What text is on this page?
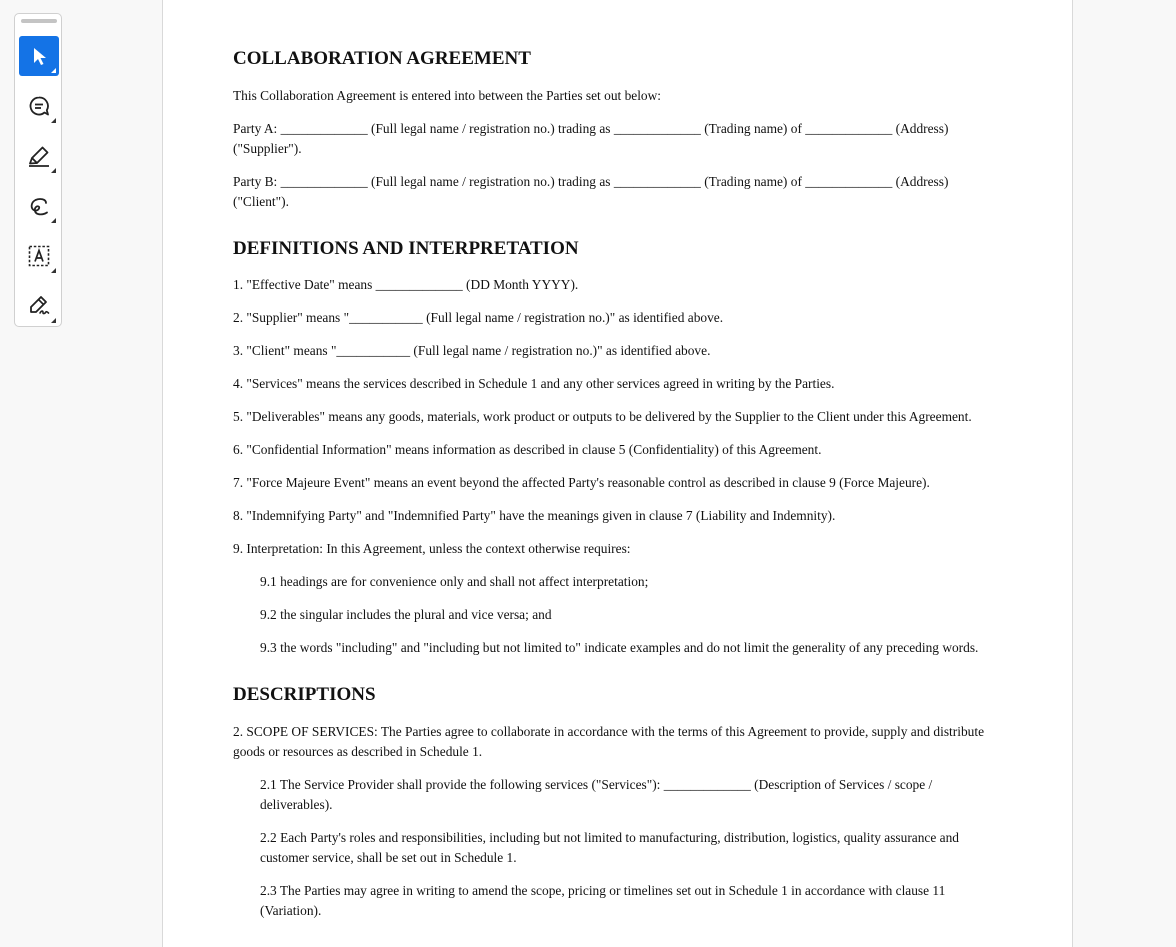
COLLABORATION AGREEMENT
This Collaboration Agreement is entered into between the Parties set out below:
Party A: _____________ (Full legal name / registration no.) trading as _____________ (Trading name) of _____________ (Address) ("Supplier").
Party B: _____________ (Full legal name / registration no.) trading as _____________ (Trading name) of _____________ (Address) ("Client").
DEFINITIONS AND INTERPRETATION
1. "Effective Date" means _____________ (DD Month YYYY).
2. "Supplier" means "___________ (Full legal name / registration no.)" as identified above.
3. "Client" means "___________ (Full legal name / registration no.)" as identified above.
4. "Services" means the services described in Schedule 1 and any other services agreed in writing by the Parties.
5. "Deliverables" means any goods, materials, work product or outputs to be delivered by the Supplier to the Client under this Agreement.
6. "Confidential Information" means information as described in clause 5 (Confidentiality) of this Agreement.
7. "Force Majeure Event" means an event beyond the affected Party's reasonable control as described in clause 9 (Force Majeure).
8. "Indemnifying Party" and "Indemnified Party" have the meanings given in clause 7 (Liability and Indemnity).
9. Interpretation: In this Agreement, unless the context otherwise requires:
9.1 headings are for convenience only and shall not affect interpretation;
9.2 the singular includes the plural and vice versa; and
9.3 the words "including" and "including but not limited to" indicate examples and do not limit the generality of any preceding words.
DESCRIPTIONS
2. SCOPE OF SERVICES: The Parties agree to collaborate in accordance with the terms of this Agreement to provide, supply and distribute goods or resources as described in Schedule 1.
2.1 The Service Provider shall provide the following services ("Services"): _____________ (Description of Services / scope / deliverables).
2.2 Each Party's roles and responsibilities, including but not limited to manufacturing, distribution, logistics, quality assurance and customer service, shall be set out in Schedule 1.
2.3 The Parties may agree in writing to amend the scope, pricing or timelines set out in Schedule 1 in accordance with clause 11 (Variation).
